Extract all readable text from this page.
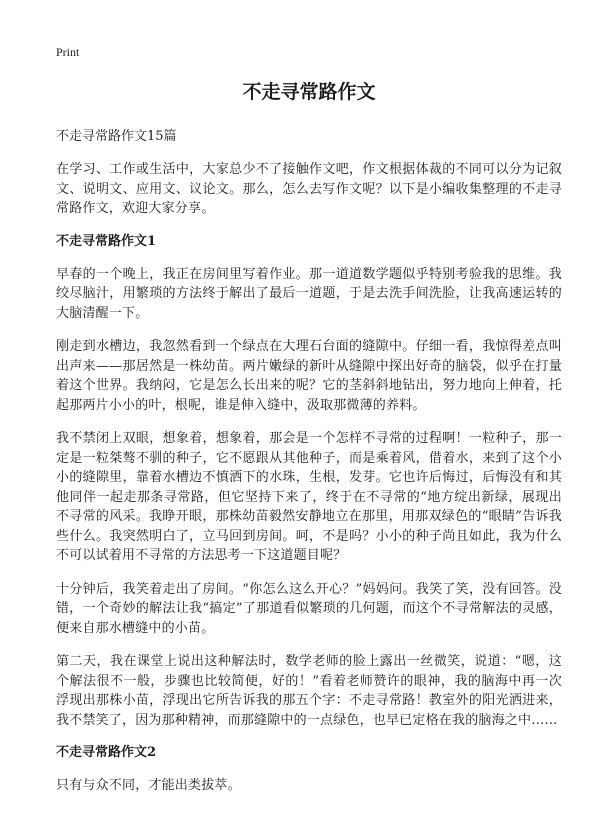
Print
不走寻常路作文
不走寻常路作文15篇

在学习、工作或生活中，大家总少不了接触作文吧，作文根据体裁的不同可以分为记叙文、说明文、应用文、议论文。那么，怎么去写作文呢？以下是小编收集整理的不走寻常路作文，欢迎大家分享。

不走寻常路作文1

早春的一个晚上，我正在房间里写着作业。那一道道数学题似乎特别考验我的思维。我绞尽脑汁，用繁琐的方法终于解出了最后一道题，于是去洗手间洗脸，让我高速运转的大脑清醒一下。

刚走到水槽边，我忽然看到一个绿点在大理石台面的缝隙中。仔细一看，我惊得差点叫出声来——那居然是一株幼苗。两片嫩绿的新叶从缝隙中探出好奇的脑袋，似乎在打量着这个世界。我纳闷，它是怎么长出来的呢？它的茎斜斜地钻出，努力地向上伸着，托起那两片小小的叶，根呢，谁是伸入缝中，汲取那微薄的养料。

我不禁闭上双眼，想象着，想象着，那会是一个怎样不寻常的过程啊！一粒种子，那一定是一粒桀骜不驯的种子，它不愿跟从其他种子，而是乘着风，借着水，来到了这个小小的缝隙里，靠着水槽边不慎洒下的水珠，生根，发芽。它也许后悔过，后悔没有和其他同伴一起走那条寻常路，但它坚持下来了，终于在不寻常的“地方绽出新绿，展现出不寻常的风采。我睁开眼，那株幼苗毅然安静地立在那里，用那双绿色的“眼睛”告诉我些什么。我突然明白了，立马回到房间。呵，不是吗？小小的种子尚且如此，我为什么不可以试着用不寻常的方法思考一下这道题目呢？

十分钟后，我笑着走出了房间。“你怎么这么开心？”妈妈问。我笑了笑，没有回答。没错，一个奇妙的解法让我“搞定”了那道看似繁琐的几何题，而这个不寻常解法的灵感，便来自那水槽缝中的小苗。

第二天，我在课堂上说出这种解法时，数学老师的脸上露出一丝微笑，说道：“嗯，这个解法很不一般，步骤也比较简便，好的！”看着老师赞许的眼神，我的脑海中再一次浮现出那株小苗，浮现出它所告诉我的那五个字：不走寻常路！教室外的阳光洒进来，我不禁笑了，因为那种精神，而那缝隙中的一点绿色，也早已定格在我的脑海之中……

不走寻常路作文2

只有与众不同，才能出类拔萃。
